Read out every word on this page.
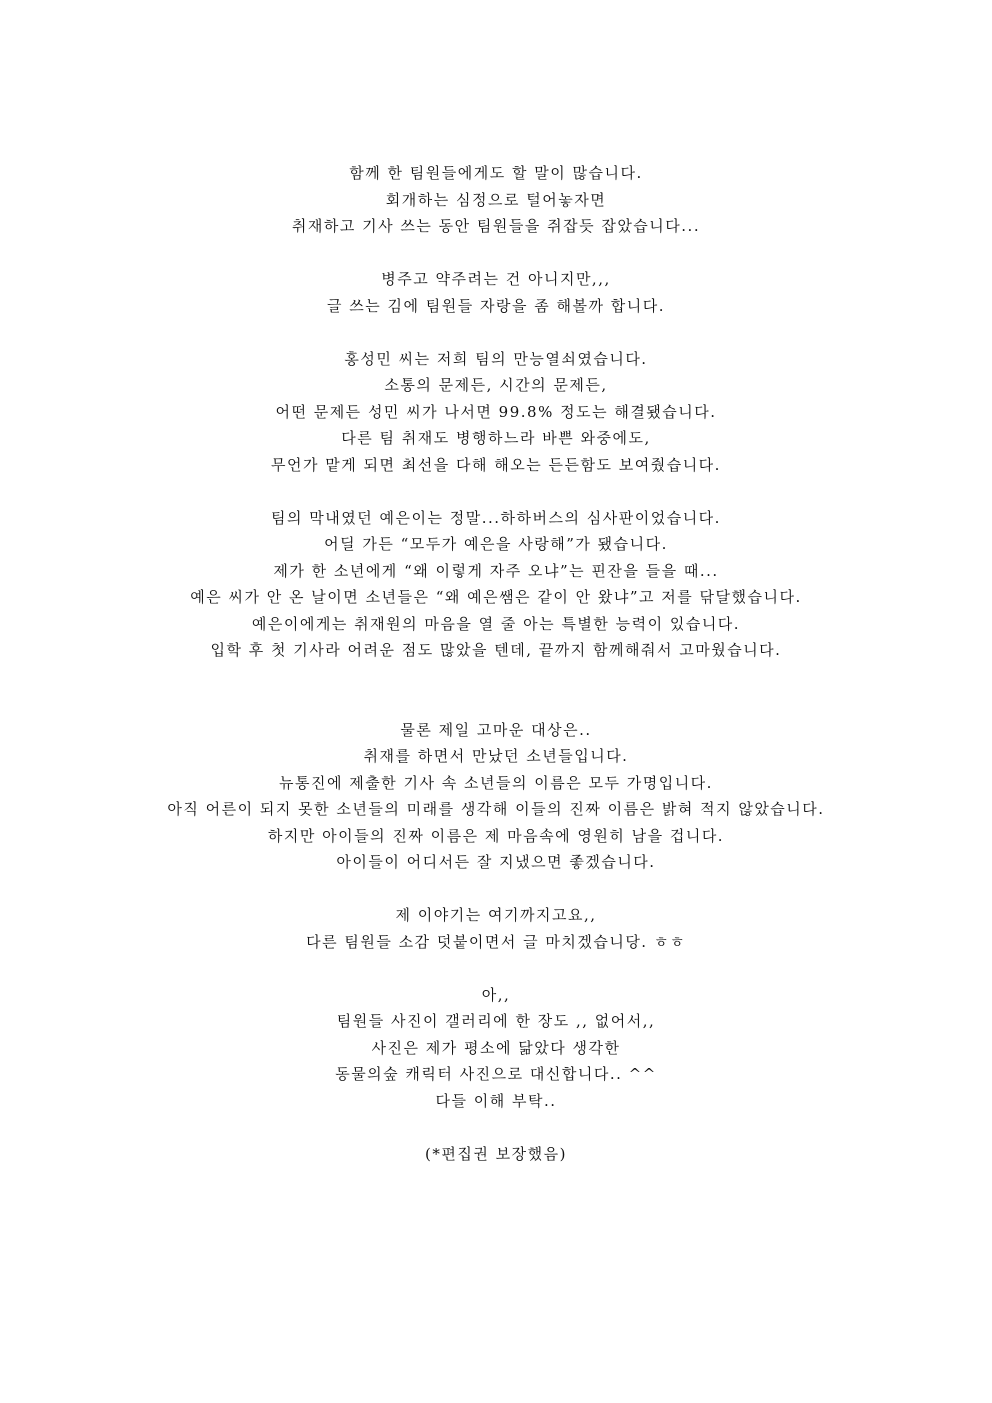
함께 한 팀원들에게도 할 말이 많습니다.
회개하는 심정으로 털어놓자면
취재하고 기사 쓰는 동안 팀원들을 쥐잡듯 잡았습니다...
병주고 약주려는 건 아니지만,,,
글 쓰는 김에 팀원들 자랑을 좀 해볼까 합니다.
홍성민 씨는 저희 팀의 만능열쇠였습니다.
소통의 문제든, 시간의 문제든,
어떤 문제든 성민 씨가 나서면 99.8% 정도는 해결됐습니다.
다른 팀 취재도 병행하느라 바쁜 와중에도,
무언가 맡게 되면 최선을 다해 해오는 든든함도 보여줬습니다.
팀의 막내였던 예은이는 정말...하하버스의 심사판이었습니다.
어딜 가든 “모두가 예은을 사랑해”가 됐습니다.
제가 한 소년에게 “왜 이렇게 자주 오냐”는 핀잔을 들을 때...
예은 씨가 안 온 날이면 소년들은 “왜 예은쌤은 같이 안 왔냐”고 저를 닦달했습니다.
예은이에게는 취재원의 마음을 열 줄 아는 특별한 능력이 있습니다.
입학 후 첫 기사라 어려운 점도 많았을 텐데, 끝까지 함께해줘서 고마웠습니다.
물론 제일 고마운 대상은..
취재를 하면서 만났던 소년들입니다.
뉴통진에 제출한 기사 속 소년들의 이름은 모두 가명입니다.
아직 어른이 되지 못한 소년들의 미래를 생각해 이들의 진짜 이름은 밝혀 적지 않았습니다.
하지만 아이들의 진짜 이름은 제 마음속에 영원히 남을 겁니다.
아이들이 어디서든 잘 지냈으면 좋겠습니다.
제 이야기는 여기까지고요,,
다른 팀원들 소감 덧붙이면서 글 마치겠습니당. ㅎㅎ
아,,
팀원들 사진이 갤러리에 한 장도 ,, 없어서,,
사진은 제가 평소에 닮았다 생각한
동물의숲 캐릭터 사진으로 대신합니다.. ^^
다들 이해 부탁..
(*편집권 보장했음)
